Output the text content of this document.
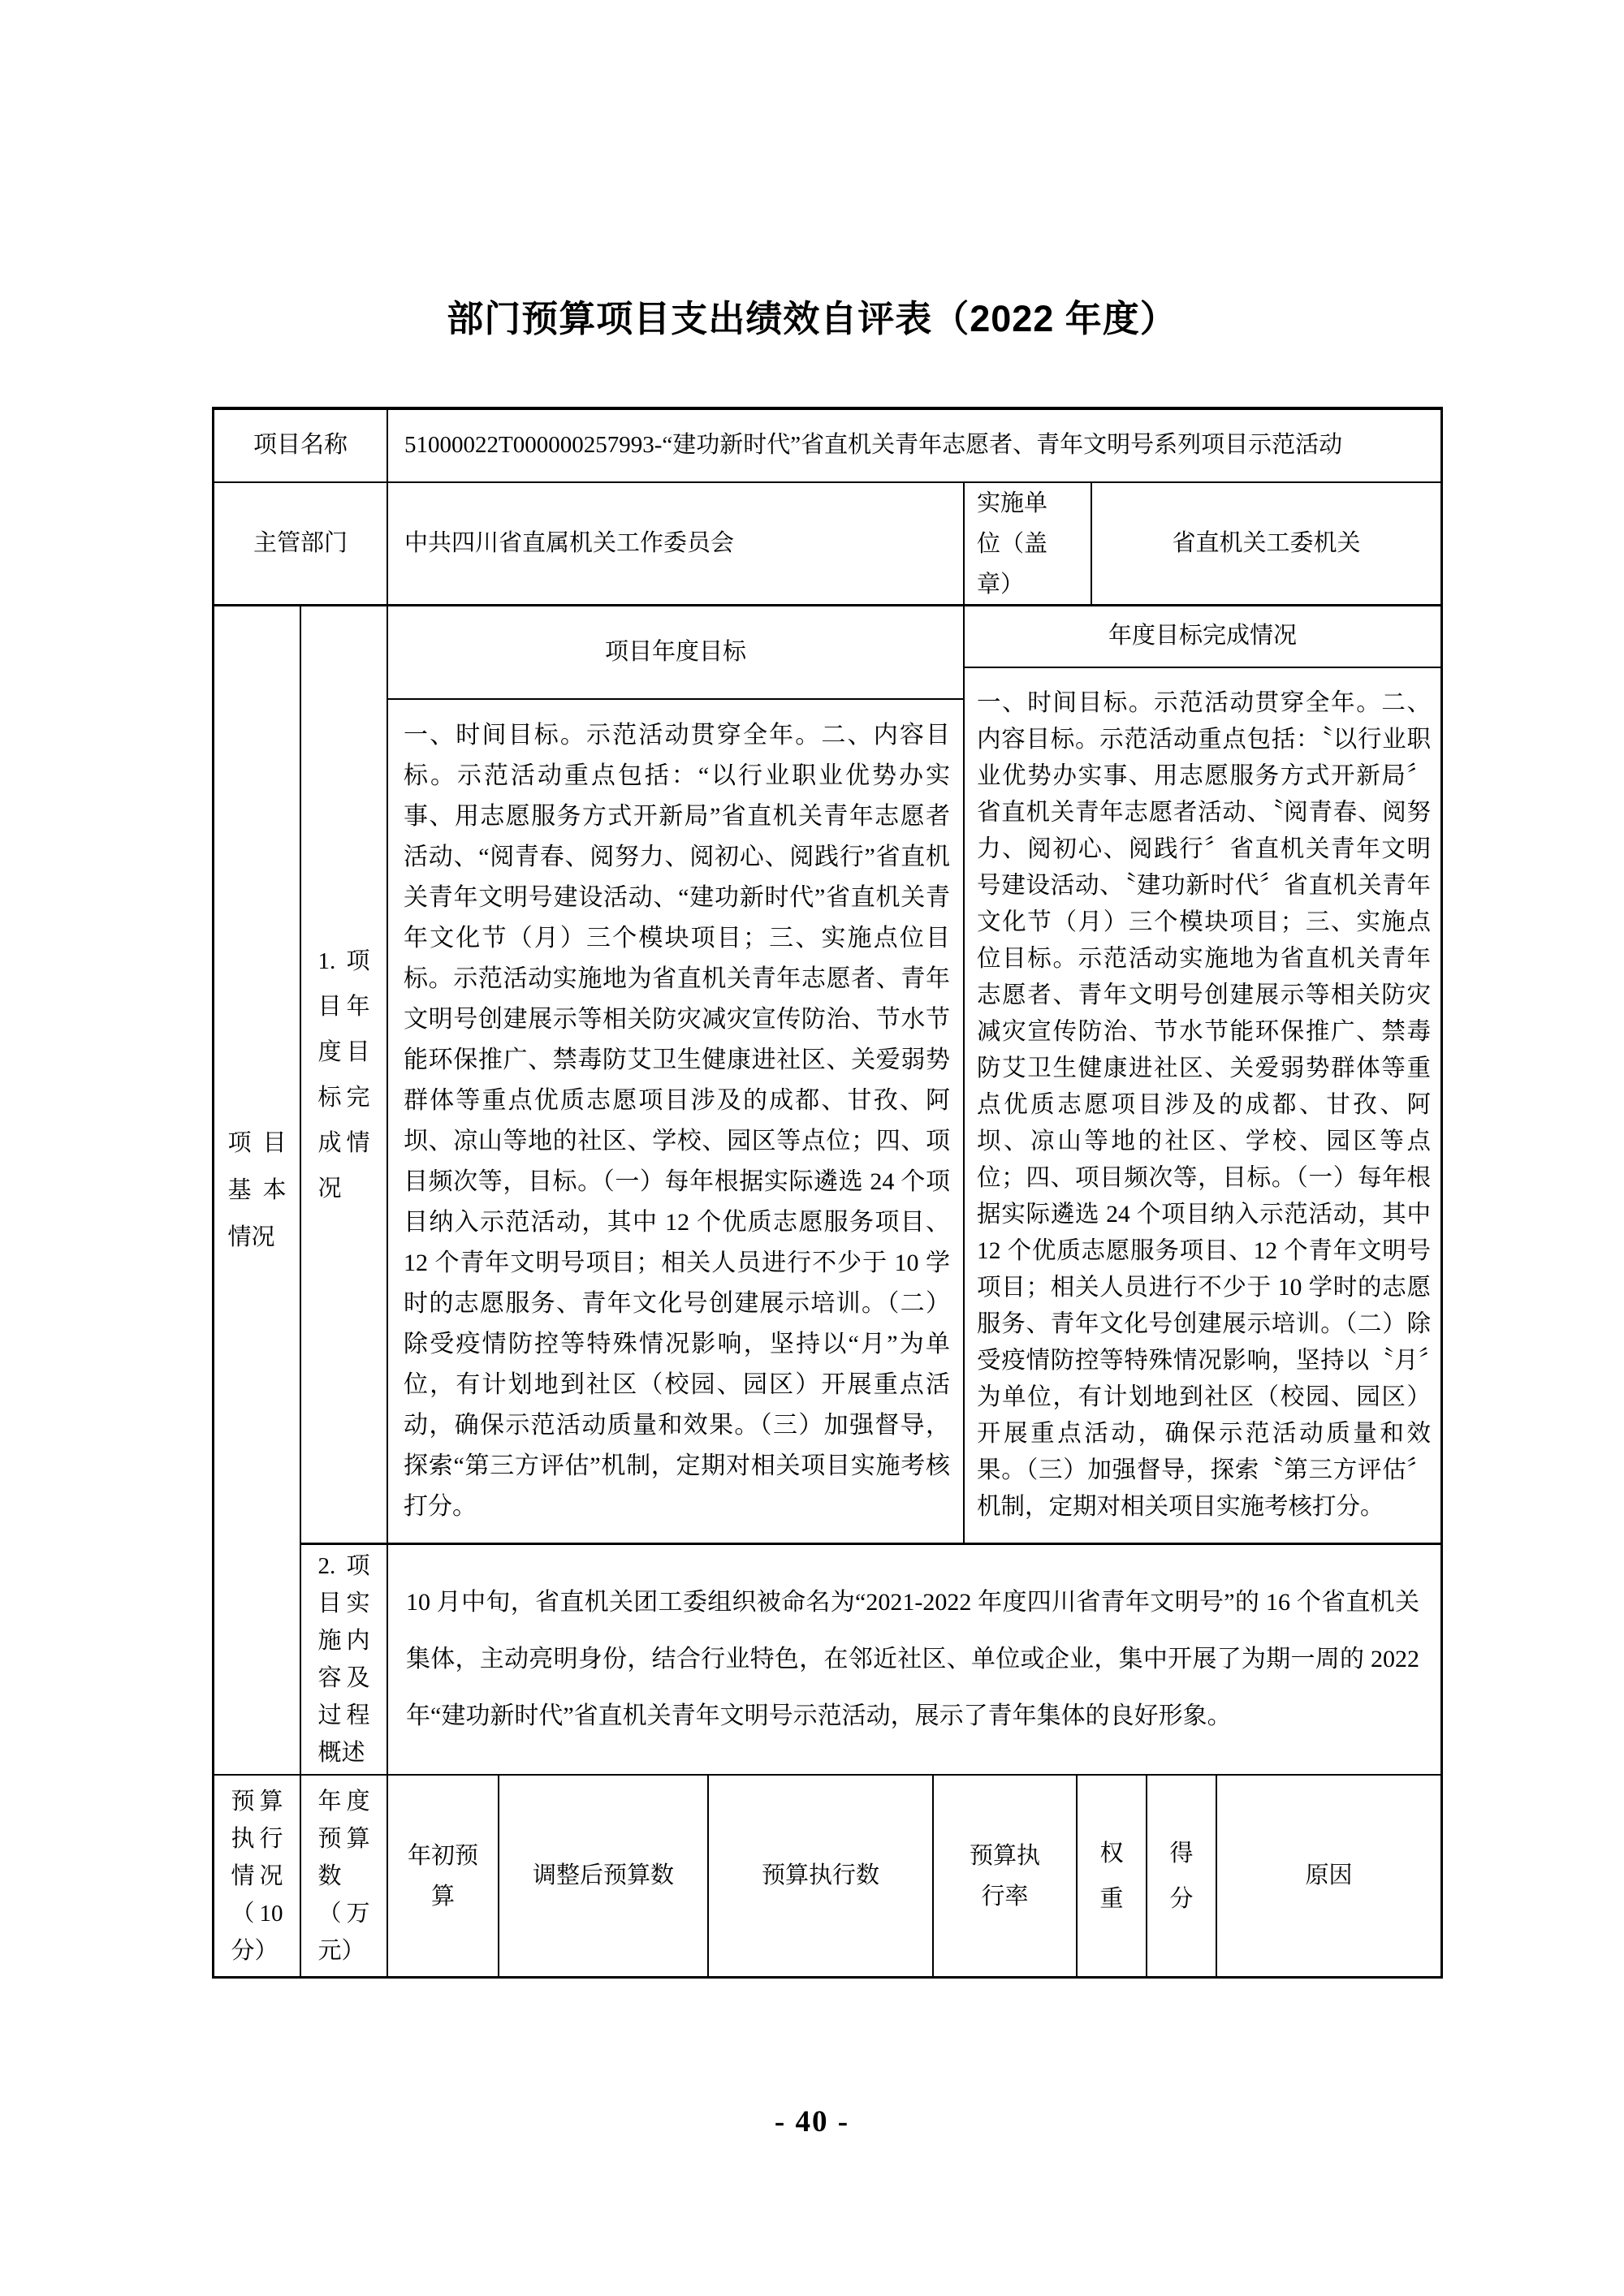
部门预算项目支出绩效自评表（2022 年度）
项目名称 51000022T000000257993-“建功新时代”省直机关青年志愿者、青年文明号系列项目示范活动
主管部门 中共四川省直属机关工作委员会
实施单位（盖章）
省直机关工委机关
项目基本情况
1.项目年度目标完成情况
2.项目实施内容及过程概述
项目年度目标

一、时间目标。示范活动贯穿全年。二、内容目标。示范活动重点包括：“以行业职业优势办实事、用志愿服务方式开新局”省直机关青年志愿者活动、“阅青春、阅努力、阅初心、阅践行”省直机关青年文明号建设活动、“建功新时代”省直机关青年文化节（月）三个模块项目；三、实施点位目标。示范活动实施地为省直机关青年志愿者、青年文明号创建展示等相关防灾减灾宣传防治、节水节能环保推广、禁毒防艾卫生健康进社区、关爱弱势群体等重点优质志愿项目涉及的成都、甘孜、阿坝、凉山等地的社区、学校、园区等点位；四、项目频次等，目标。（一）每年根据实际遴选 24 个项目纳入示范活动，其中 12 个优质志愿服务项目、12 个青年文明号项目；相关人员进行不少于 10 学时的志愿服务、青年文化号创建展示培训。（二）除受疫情防控等特殊情况影响，坚持以“月”为单位，有计划地到社区（校园、园区）开展重点活动，确保示范活动质量和效果。（三）加强督导，探索“第三方评估”机制，定期对相关项目实施考核打分。

年度目标完成情况

一、时间目标。示范活动贯穿全年。二、内容目标。示范活动重点包括：〝以行业职业优势办实事、用志愿服务方式开新局〞省直机关青年志愿者活动、〝阅青春、阅努力、阅初心、阅践行〞省直机关青年文明号建设活动、〝建功新时代〞省直机关青年文化节（月）三个模块项目；三、实施点位目标。示范活动实施地为省直机关青年志愿者、青年文明号创建展示等相关防灾减灾宣传防治、节水节能环保推广、禁毒防艾卫生健康进社区、关爱弱势群体等重点优质志愿项目涉及的成都、甘孜、阿坝、凉山等地的社区、学校、园区等点位；四、项目频次等，目标。（一）每年根据实际遴选 24 个项目纳入示范活动，其中 12 个优质志愿服务项目、12 个青年文明号项目；相关人员进行不少于 10 学时的志愿服务、青年文化号创建展示培训。（二）除受疫情防控等特殊情况影响，坚持以〝月〞为单位，有计划地到社区（校园、园区）开展重点活动，确保示范活动质量和效果。（三）加强督导，探索〝第三方评估〞机制，定期对相关项目实施考核打分。

10 月中旬，省直机关团工委组织被命名为“2021-2022 年度四川省青年文明号”的 16 个省直机关集体，主动亮明身份，结合行业特色，在邻近社区、单位或企业，集中开展了为期一周的 2022 年“建功新时代”省直机关青年文明号示范活动，展示了青年集体的良好形象。

预算执行情况（10分）
年度预算数（万元）
年初预算
调整后预算数	预算执行数
预算执行率
权重
得分
原因
- 40 -
